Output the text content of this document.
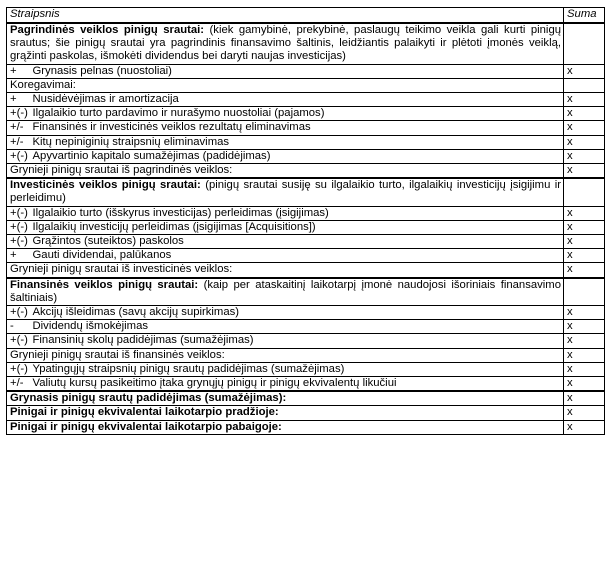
Straipsnis		Suma
Pagrindinės veiklos pinigų srautai: (kiek gamybinė, prekybinė, paslaugų teikimo veikla gali kurti pinigų srautus; šie pinigų srautai yra pagrindinis finansavimo šaltinis, leidžiantis palaikyti ir plėtoti įmonės veiklą, grąžinti paskolas, išmokėti dividendus bei daryti naujas investicijas)		
+	Grynasis pelnas (nuostoliai)	x
Koregavimai:		
+	Nusidėvėjimas ir amortizacija	x
+(-)	Ilgalaikio turto pardavimo ir nurašymo nuostoliai (pajamos)	x
+/-	Finansinės ir investicinės veiklos rezultatų eliminavimas	x
+/-	Kitų nepiniginių straipsnių eliminavimas	x
+(-)	Apyvartinio kapitalo sumažėjimas (padidėjimas)	x
Grynieji pinigų srautai iš pagrindinės veiklos:		x
Investicinės veiklos pinigų srautai: (pinigų srautai susiję su ilgalaikio turto, ilgalaikių investicijų įsigijimu ir perleidimu)		
+(-)	Ilgalaikio turto (išskyrus investicijas) perleidimas (įsigijimas)	x
+(-)	Ilgalaikių investicijų perleidimas (įsigijimas [Acquisitions])	x
+(-)	Grąžintos (suteiktos) paskolos	x
+	Gauti dividendai, palūkanos	x
Grynieji pinigų srautai iš investicinės veiklos:		x
Finansinės veiklos pinigų srautai: (kaip per ataskaitinį laikotarpį įmonė naudojosi išoriniais finansavimo šaltiniais)		
+(-)	Akcijų išleidimas (savų akcijų supirkimas)	x
-	Dividendų išmokėjimas	x
+(-)	Finansinių skolų padidėjimas (sumažėjimas)	x
Grynieji pinigų srautai iš finansinės veiklos:		x
+(-)	Ypatingųjų straipsnių pinigų srautų padidėjimas (sumažėjimas)	x
+/-	Valiutų kursų pasikeitimo įtaka grynųjų pinigų ir pinigų ekvivalentų likučiui	x
Grynasis pinigų srautų padidėjimas (sumažėjimas):		x
Pinigai ir pinigų ekvivalentai laikotarpio pradžioje:		x
Pinigai ir pinigų ekvivalentai laikotarpio pabaigoje:		x
